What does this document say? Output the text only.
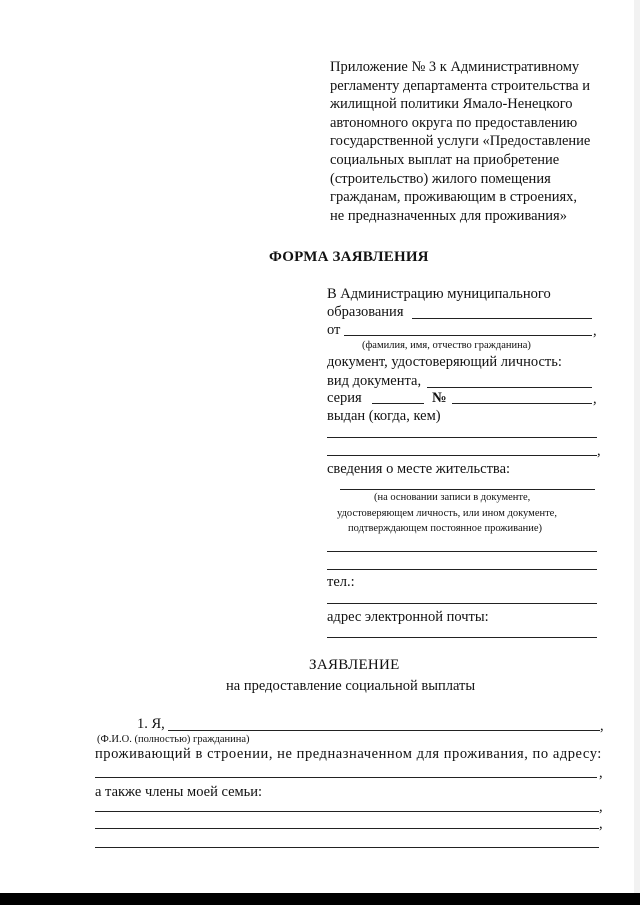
Приложение № 3 к Административному
регламенту департамента строительства и
жилищной политики Ямало-Ненецкого
автономного округа по предоставлению
государственной услуги «Предоставление
социальных выплат на приобретение
(строительство) жилого помещения
гражданам, проживающим в строениях,
не предназначенных для проживания»
ФОРМА ЗАЯВЛЕНИЯ
В Администрацию муниципального
образования
от	,
(фамилия, имя, отчество гражданина)
документ, удостоверяющий личность:
вид документа,
серия	№	,
выдан (когда, кем)
,
сведения о месте жительства:
(на основании записи в документе,
удостоверяющем личность, или ином документе,
подтверждающем постоянное проживание)
тел.:
адрес электронной почты:
ЗАЯВЛЕНИЕ
на предоставление социальной выплаты
1. Я,	,
(Ф.И.О. (полностью) гражданина)
проживающий в строении, не предназначенном для проживания, по адресу:
,
а также члены моей семьи:
,
,
